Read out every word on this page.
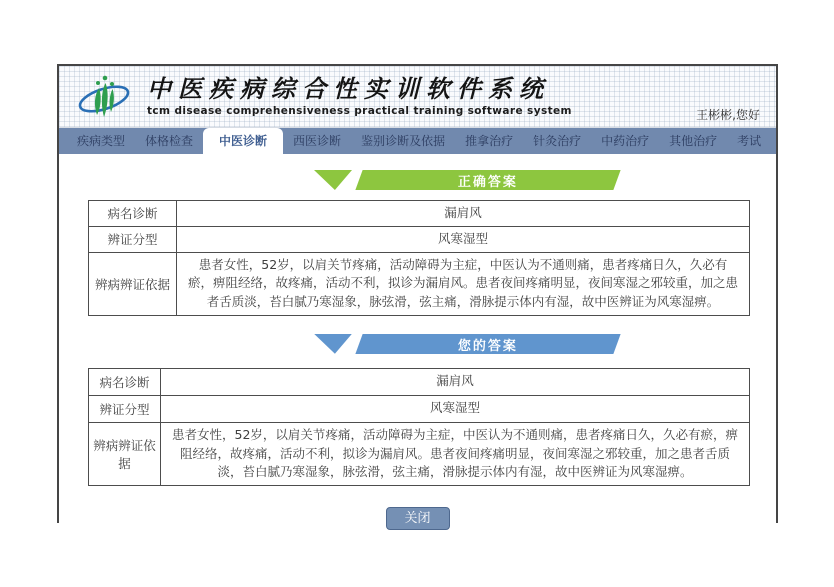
中医疾病综合性实训软件系统
tcm disease comprehensiveness practical training software system	王彬彬,您好
疾病类型	体格检查	中医诊断	西医诊断	鉴别诊断及依据	推拿治疗	针灸治疗	中药治疗	其他治疗	考试
正确答案
病名诊断	漏肩风
辨证分型	风寒湿型
辨病辨证依据	患者女性，52岁，以肩关节疼痛，活动障碍为主症，中医认为不通则痛，患者疼痛日久，久必有瘀，痹阻经络，故疼痛，活动不利，拟诊为漏肩风。患者夜间疼痛明显，夜间寒湿之邪较重，加之患者舌质淡，苔白腻乃寒湿象，脉弦滑，弦主痛，滑脉提示体内有湿，故中医辨证为风寒湿痹。
您的答案
病名诊断	漏肩风
辨证分型	风寒湿型
辨病辨证依据	患者女性，52岁，以肩关节疼痛，活动障碍为主症，中医认为不通则痛，患者疼痛日久，久必有瘀，痹阻经络，故疼痛，活动不利，拟诊为漏肩风。患者夜间疼痛明显，夜间寒湿之邪较重，加之患者舌质淡，苔白腻乃寒湿象，脉弦滑，弦主痛，滑脉提示体内有湿，故中医辨证为风寒湿痹。
关闭
